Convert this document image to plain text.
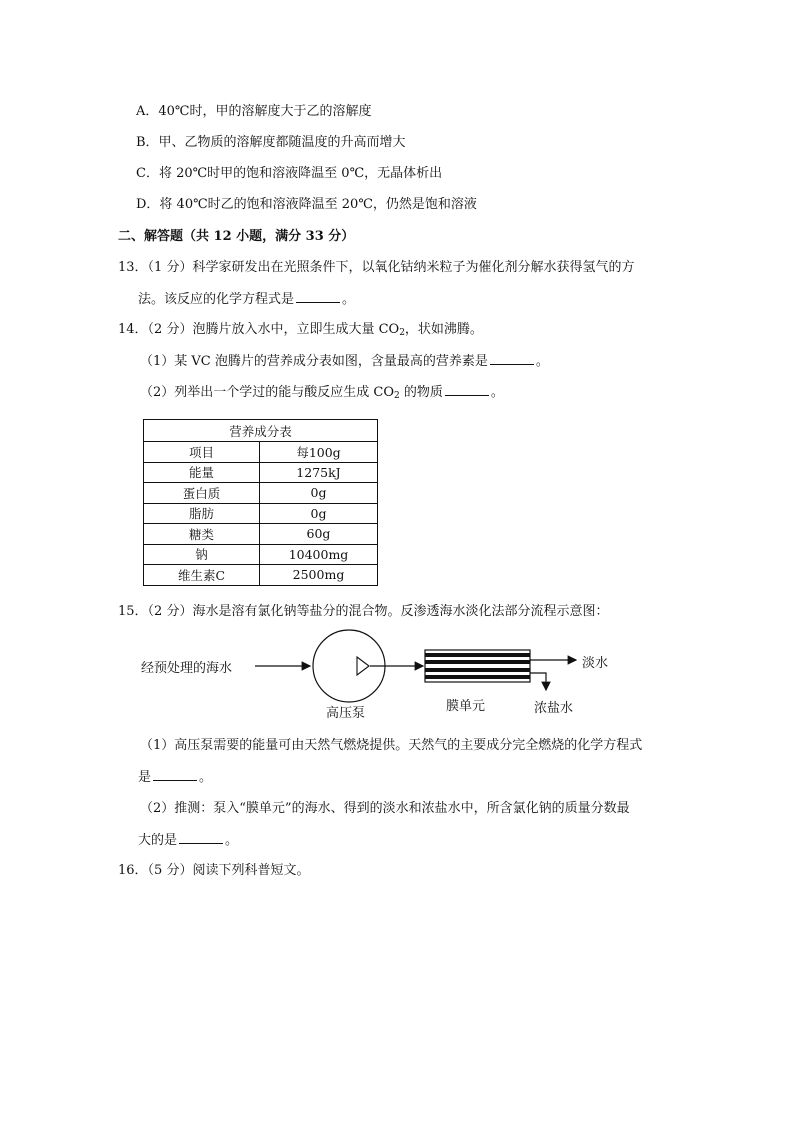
A．40℃时，甲的溶解度大于乙的溶解度
B．甲、乙物质的溶解度都随温度的升高而增大
C．将 20℃时甲的饱和溶液降温至 0℃，无晶体析出
D．将 40℃时乙的饱和溶液降温至 20℃，仍然是饱和溶液
二、解答题（共 12 小题，满分 33 分）
13．（1 分）科学家研发出在光照条件下，以氧化钴纳米粒子为催化剂分解水获得氢气的方
法。该反应的化学方程式是	。
14．（2 分）泡腾片放入水中，立即生成大量 $CO_2$，状如沸腾。
（1）某 VC 泡腾片的营养成分表如图，含量最高的营养素是	。
（2）列举出一个学过的能与酸反应生成 $CO_2$ 的物质	。
营养成分表	
项目	每100g
能量	1275kJ
蛋白质	0g
脂肪	0g
糖类	60g
钠	10400mg
维生素C	2500mg
15．（2 分）海水是溶有氯化钠等盐分的混合物。反渗透海水淡化法部分流程示意图：
经预处理的海水	淡水
高压泵	膜单元	浓盐水
（1）高压泵需要的能量可由天然气燃烧提供。天然气的主要成分完全燃烧的化学方程式
是	。
（2）推测：泵入“膜单元”的海水、得到的淡水和浓盐水中，所含氯化钠的质量分数最
大的是	。
16．（5 分）阅读下列科普短文。
